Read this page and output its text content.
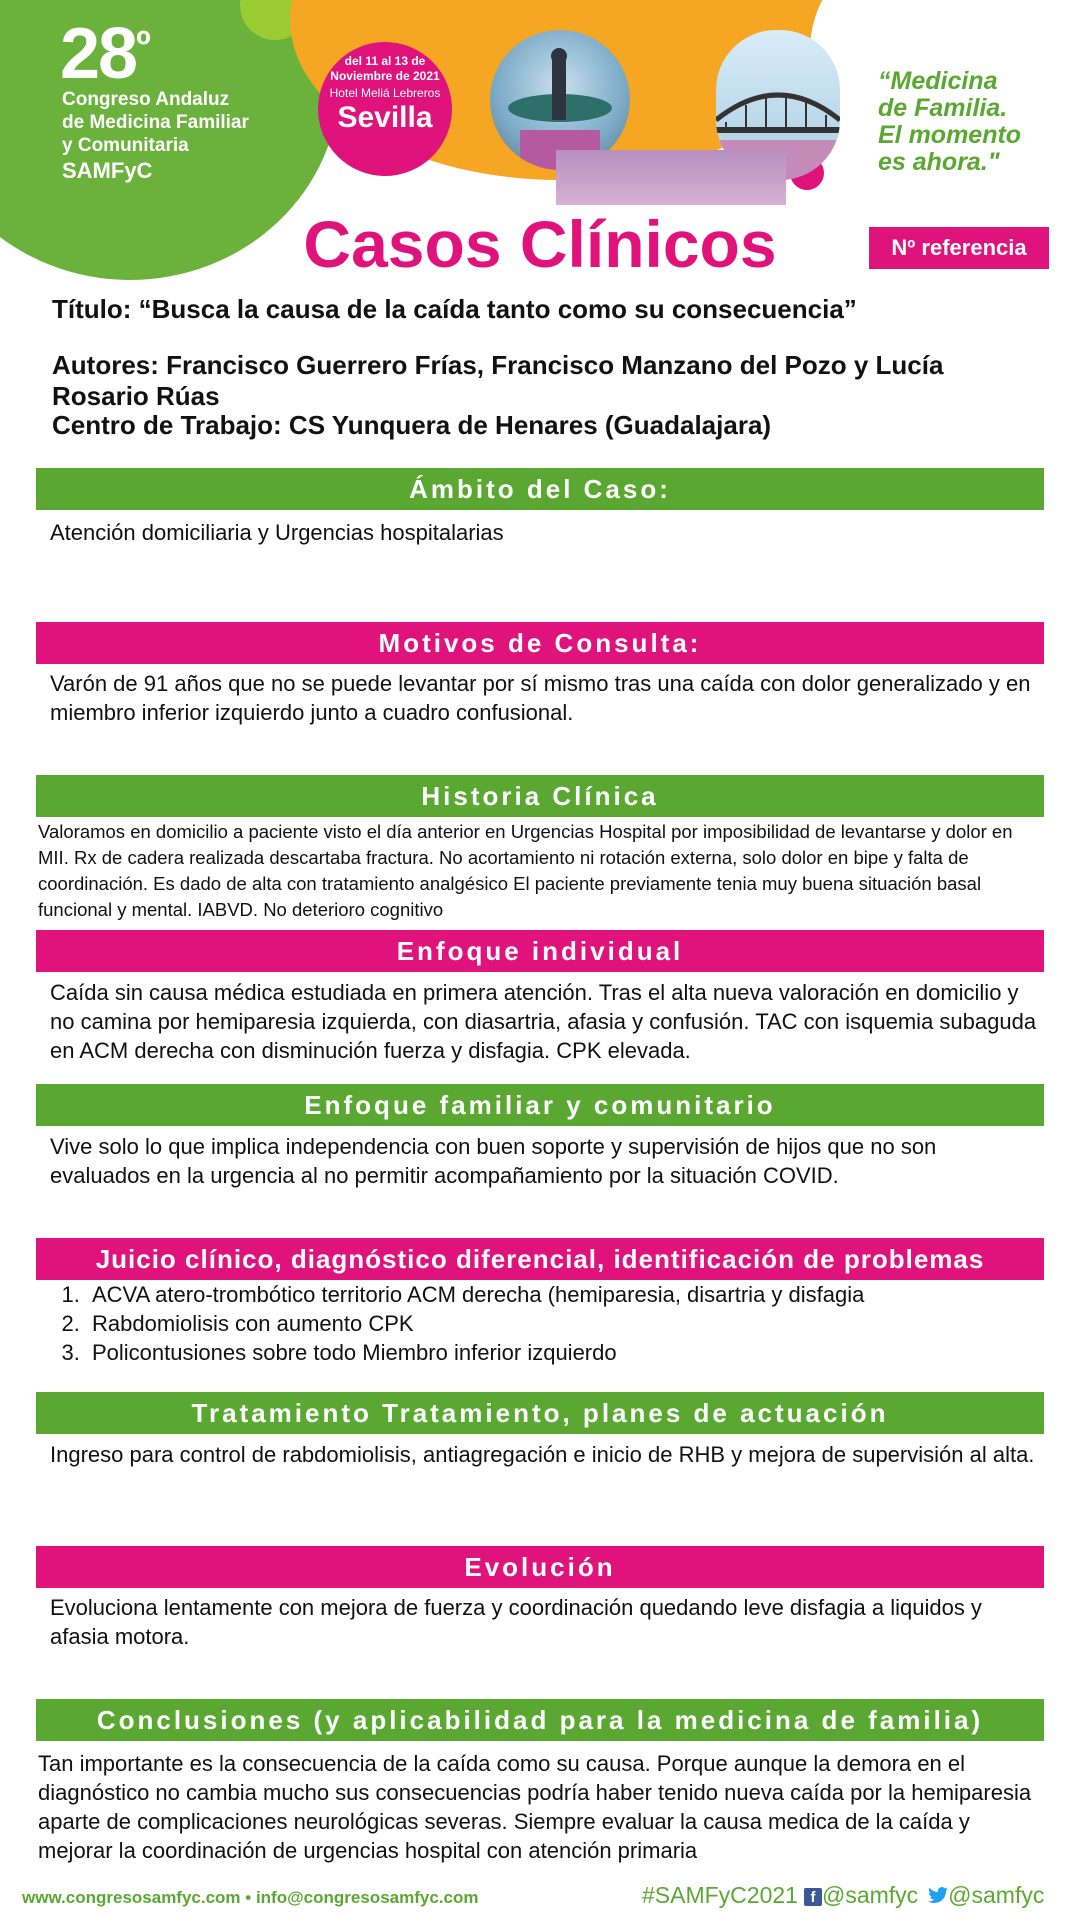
$28^º$
Congreso Andaluz
de Medicina Familiar
y Comunitaria
SAMFyC
del 11 al 13 de
Noviembre de 2021
Hotel Meliá Lebreros
Sevilla
“Medicina
de Familia.
El momento
es ahora."
Casos Clínicos	Nº referencia
Título: “Busca la causa de la caída tanto como su consecuencia”
Autores: Francisco Guerrero Frías, Francisco Manzano del Pozo y Lucía
Rosario Rúas
Centro de Trabajo: CS Yunquera de Henares (Guadalajara)
Ámbito del Caso:
Atención domiciliaria y Urgencias hospitalarias
Motivos de Consulta:
Varón de 91 años que no se puede levantar por sí mismo tras una caída con dolor generalizado y en miembro inferior izquierdo junto a cuadro confusional.
Historia Clínica
Valoramos en domicilio a paciente visto el día anterior en Urgencias Hospital por imposibilidad de levantarse y dolor en MII. Rx de cadera realizada descartaba fractura. No acortamiento ni rotación externa, solo dolor en bipe y falta de coordinación. Es dado de alta con tratamiento analgésico El paciente previamente tenia muy buena situación basal funcional y mental. IABVD. No deterioro cognitivo
Enfoque individual
Caída sin causa médica estudiada en primera atención. Tras el alta nueva valoración en domicilio y no camina por hemiparesia izquierda, con diasartria, afasia y confusión. TAC con isquemia subaguda en ACM derecha con disminución fuerza y disfagia. CPK elevada.
Enfoque familiar y comunitario
Vive solo lo que implica independencia con buen soporte y supervisión de hijos que no son evaluados en la urgencia al no permitir acompañamiento por la situación COVID.
Juicio clínico, diagnóstico diferencial, identificación de problemas
1. ACVA atero-trombótico territorio ACM derecha (hemiparesia, disartria y disfagia
2. Rabdomiolisis con aumento CPK
3. Policontusiones sobre todo Miembro inferior izquierdo
Tratamiento Tratamiento, planes de actuación
Ingreso para control de rabdomiolisis, antiagregación e inicio de RHB y mejora de supervisión al alta.
Evolución
Evoluciona lentamente con mejora de fuerza y coordinación quedando leve disfagia a liquidos y afasia motora.
Conclusiones (y aplicabilidad para la medicina de familia)
Tan importante es la consecuencia de la caída como su causa. Porque aunque la demora en el diagnóstico no cambia mucho sus consecuencias podría haber tenido nueva caída por la hemiparesia aparte de complicaciones neurológicas severas. Siempre evaluar la causa medica de la caída y mejorar la coordinación de urgencias hospital con atención primaria
www.congresosamfyc.com • info@congresosamfyc.com	#SAMFyC2021 f @samfyc @samfyc
